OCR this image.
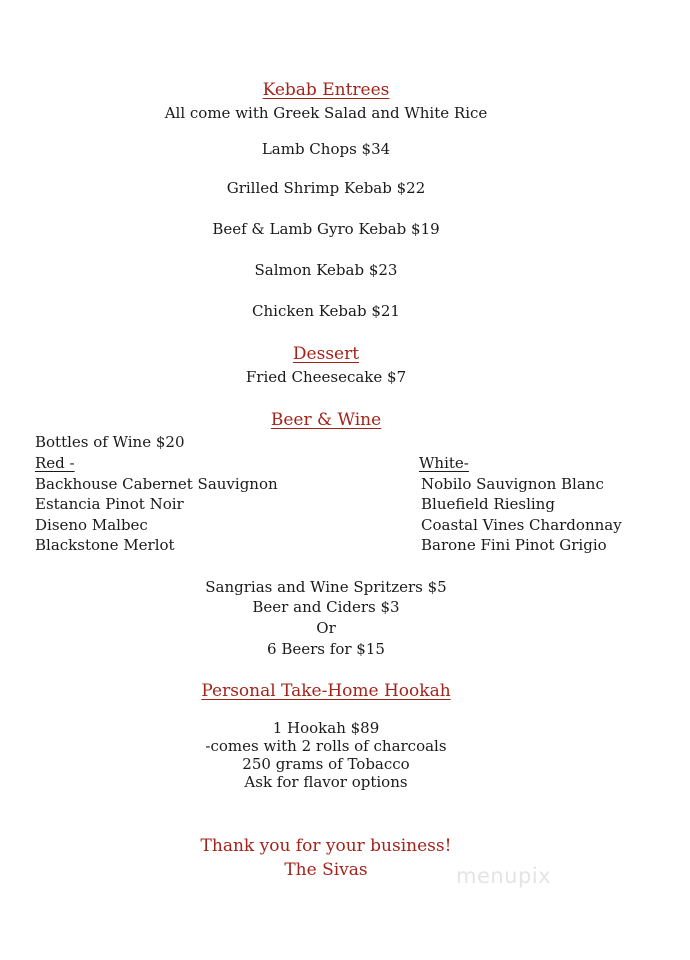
Kebab Entrees
All come with Greek Salad and White Rice
Lamb Chops $34
Grilled Shrimp Kebab $22
Beef & Lamb Gyro Kebab $19
Salmon Kebab $23
Chicken Kebab $21
Dessert
Fried Cheesecake $7
Beer & Wine
Bottles of Wine $20
Red -
Backhouse Cabernet Sauvignon
Estancia Pinot Noir
Diseno Malbec
Blackstone Merlot
White-
Nobilo Sauvignon Blanc
Bluefield Riesling
Coastal Vines Chardonnay
Barone Fini Pinot Grigio
Sangrias and Wine Spritzers $5
Beer and Ciders $3
Or
6 Beers for $15
Personal Take-Home Hookah
1 Hookah $89
-comes with 2 rolls of charcoals
250 grams of Tobacco
Ask for flavor options
Thank you for your business!
The Sivas	menupix
